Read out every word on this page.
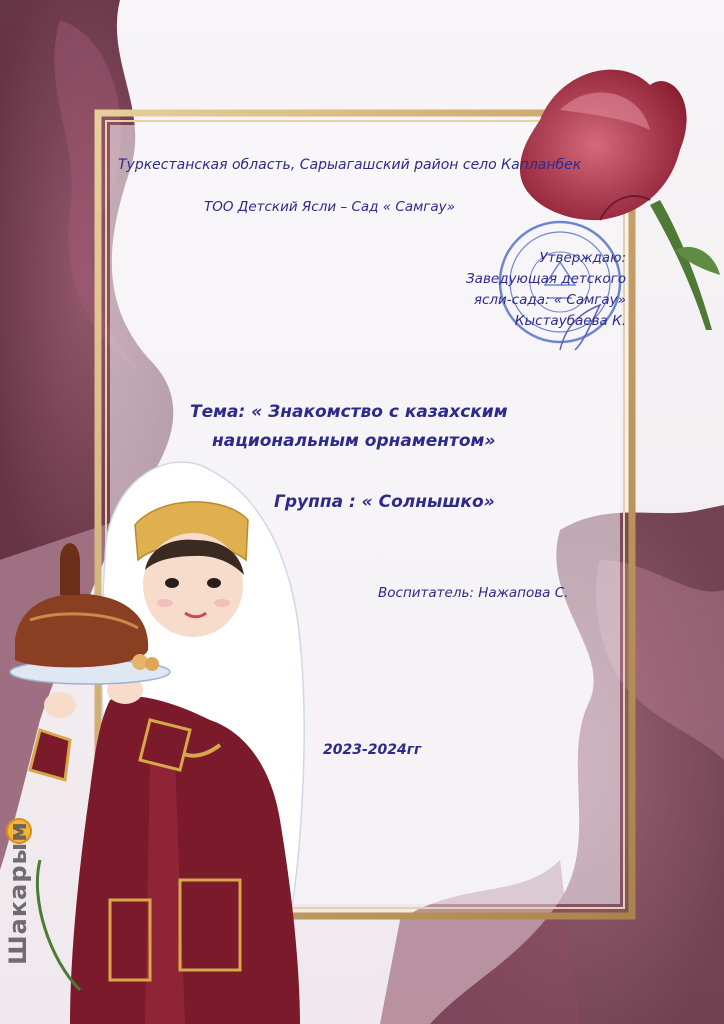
Шакарым
Туркестанская область, Сарыагашский район село Капланбек
ТОО Детский Ясли – Сад « Самгау»
Утверждаю:
Заведующая детского
ясли-сада: « Самгау»
Кыстаубаева К.
Тема: « Знакомство с казахским
национальным орнаментом»
Группа : « Солнышко»
Воспитатель: Нажапова С.
2023-2024гг
